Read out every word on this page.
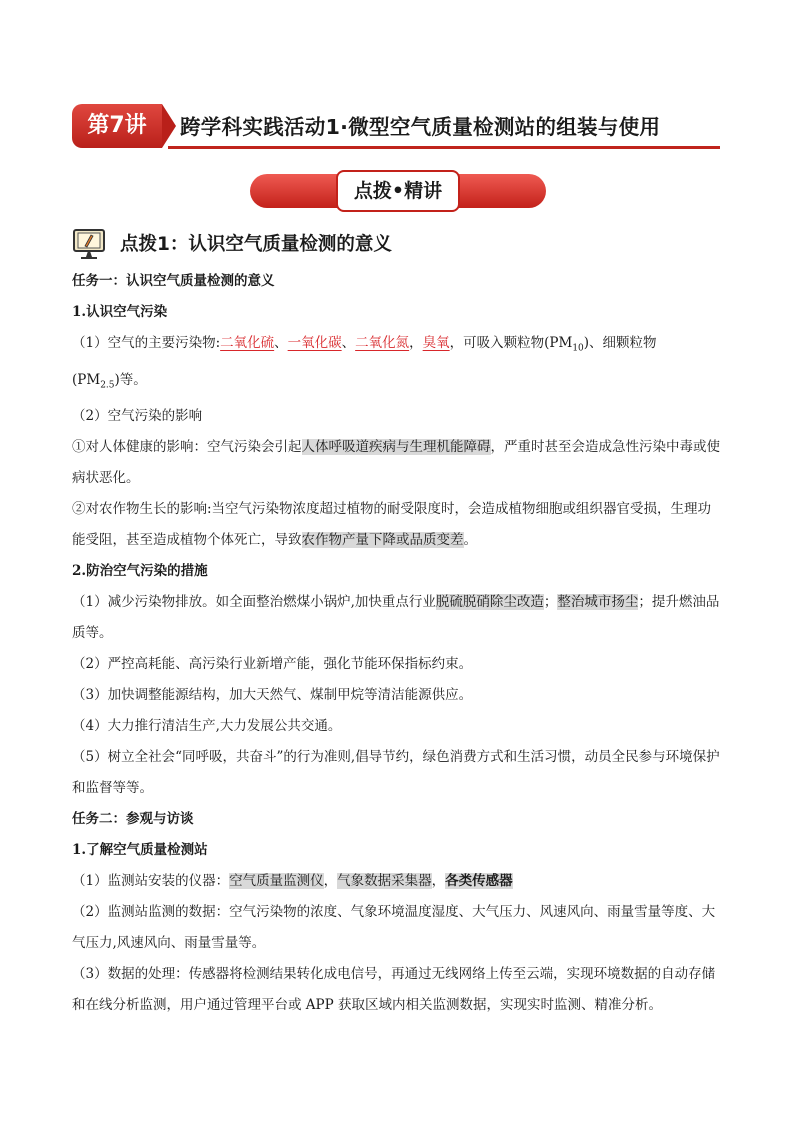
第7讲	跨学科实践活动1·微型空气质量检测站的组装与使用
点拨•精讲
点拨1：认识空气质量检测的意义

任务一：认识空气质量检测的意义

1.认识空气污染

（1）空气的主要污染物:二氧化硫、一氧化碳、二氧化氮，臭氧，可吸入颗粒物$(PM_{10})$、细颗粒物
$(PM_{2.5})$等。

（2）空气污染的影响

①对人体健康的影响：空气污染会引起人体呼吸道疾病与生理机能障碍，严重时甚至会造成急性污染中毒或使病状恶化。

②对农作物生长的影响:当空气污染物浓度超过植物的耐受限度时，会造成植物细胞或组织器官受损，生理功能受阻，甚至造成植物个体死亡，导致农作物产量下降或品质变差。

2.防治空气污染的措施

（1）减少污染物排放。如全面整治燃煤小锅炉,加快重点行业脱硫脱硝除尘改造；整治城市扬尘；提升燃油品质等。

（2）严控高耗能、高污染行业新增产能，强化节能环保指标约束。

（3）加快调整能源结构，加大天然气、煤制甲烷等清洁能源供应。

（4）大力推行清洁生产,大力发展公共交通。

（5）树立全社会“同呼吸，共奋斗”的行为准则,倡导节约，绿色消费方式和生活习惯，动员全民参与环境保护和监督等等。

任务二：参观与访谈

1.了解空气质量检测站

（1）监测站安装的仪器：空气质量监测仪，气象数据采集器，各类传感器

（2）监测站监测的数据：空气污染物的浓度、气象环境温度湿度、大气压力、风速风向、雨量雪量等度、大气压力,风速风向、雨量雪量等。

（3）数据的处理：传感器将检测结果转化成电信号，再通过无线网络上传至云端，实现环境数据的自动存储和在线分析监测，用户通过管理平台或 APP 获取区域内相关监测数据，实现实时监测、精准分析。
